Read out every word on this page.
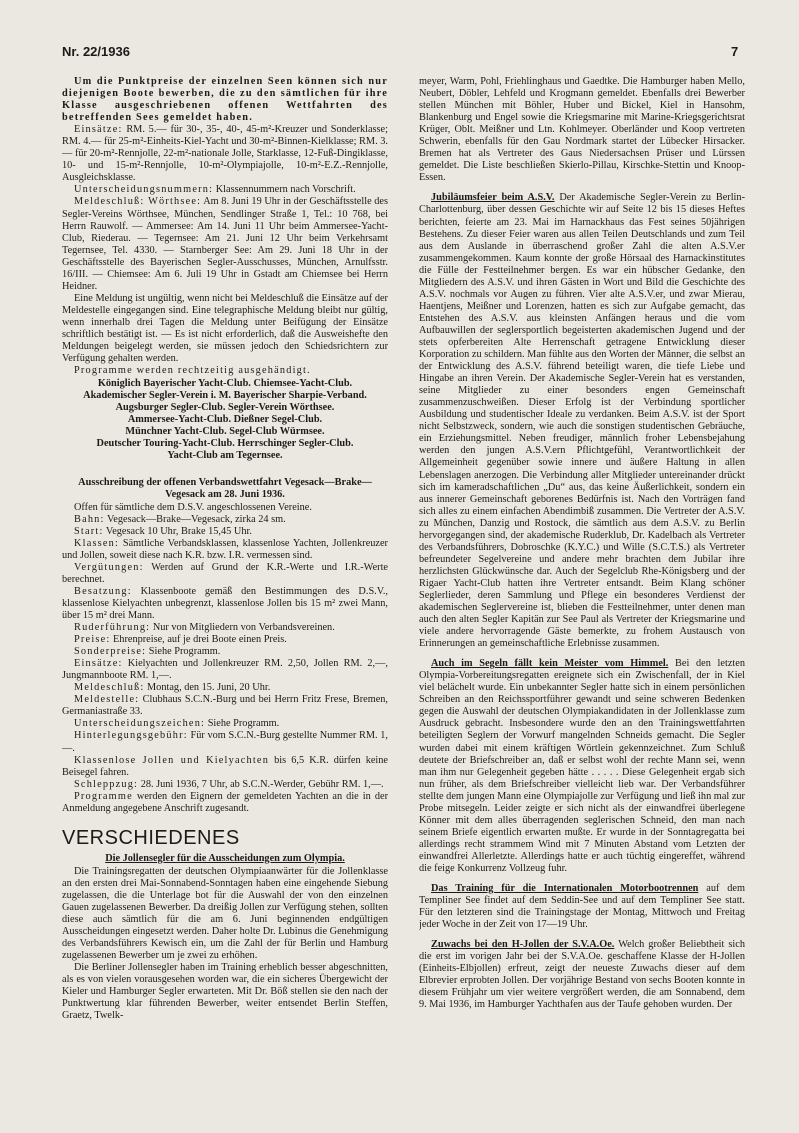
Nr. 22/1936	7

Um die Punktpreise der einzelnen Seen können sich nur diejenigen Boote bewerben, die zu den sämtlichen für ihre Klasse ausgeschriebenen offenen Wettfahrten des betreffenden Sees gemeldet haben.

Einsätze: RM. 5.— für 30-, 35-, 40-, 45-m²-Kreuzer und Sonderklasse; RM. 4.— für 25-m²-Einheits-Kiel-Yacht und 30-m²-Binnen-Kielklasse; RM. 3.— für 20-m²-Rennjolle, 22-m²-nationale Jolle, Starklasse, 12-Fuß-Dingiklasse, 10- und 15-m²-Rennjolle, 10-m²-Olympiajolle, 10-m²-E.Z.-Rennjolle, Ausgleichsklasse.

Unterscheidungsnummern: Klassennummern nach Vorschrift.

Meldeschluß: Wörthsee: Am 8. Juni 19 Uhr in der Geschäftsstelle des Segler-Vereins Wörthsee, München, Sendlinger Straße 1, Tel.: 10 768, bei Herrn Rauwolf. — Ammersee: Am 14. Juni 11 Uhr beim Ammersee-Yacht-Club, Riederau. — Tegernsee: Am 21. Juni 12 Uhr beim Verkehrsamt Tegernsee, Tel. 4330. — Starnberger See: Am 29. Juni 18 Uhr in der Geschäftsstelle des Bayerischen Segler-Ausschusses, München, Arnulfsstr. 16/III. — Chiemsee: Am 6. Juli 19 Uhr in Gstadt am Chiemsee bei Herrn Heidner.

Eine Meldung ist ungültig, wenn nicht bei Meldeschluß die Einsätze auf der Meldestelle eingegangen sind. Eine telegraphische Meldung bleibt nur gültig, wenn innerhalb drei Tagen die Meldung unter Beifügung der Einsätze schriftlich bestätigt ist. — Es ist nicht erforderlich, daß die Ausweishefte den Meldungen beigelegt werden, sie müssen jedoch den Schiedsrichtern zur Verfügung gehalten werden.

Programme werden rechtzeitig ausgehändigt.

Königlich Bayerischer Yacht-Club. Chiemsee-Yacht-Club.
Akademischer Segler-Verein i. M. Bayerischer Sharpie-Verband.
Augsburger Segler-Club. Segler-Verein Wörthsee.
Ammersee-Yacht-Club. Dießner Segel-Club.
Münchner Yacht-Club. Segel-Club Würmsee.
Deutscher Touring-Yacht-Club. Herrschinger Segler-Club.
Yacht-Club am Tegernsee.

Ausschreibung der offenen Verbandswettfahrt Vegesack—Brake—Vegesack am 28. Juni 1936.

Offen für sämtliche dem D.S.V. angeschlossenen Vereine.

Bahn: Vegesack—Brake—Vegesack, zirka 24 sm.

Start: Vegesack 10 Uhr, Brake 15,45 Uhr.

Klassen: Sämtliche Verbandsklassen, klassenlose Yachten, Jollenkreuzer und Jollen, soweit diese nach K.R. bzw. I.R. vermessen sind.

Vergütungen: Werden auf Grund der K.R.-Werte und I.R.-Werte berechnet.

Besatzung: Klassenboote gemäß den Bestimmungen des D.S.V., klassenlose Kielyachten unbegrenzt, klassenlose Jollen bis 15 m² zwei Mann, über 15 m² drei Mann.

Ruderführung: Nur von Mitgliedern von Verbandsvereinen.

Preise: Ehrenpreise, auf je drei Boote einen Preis.

Sonderpreise: Siehe Programm.

Einsätze: Kielyachten und Jollenkreuzer RM. 2,50, Jollen RM. 2,—, Jungmannboote RM. 1,—.

Meldeschluß: Montag, den 15. Juni, 20 Uhr.

Meldestelle: Clubhaus S.C.N.-Burg und bei Herrn Fritz Frese, Bremen, Germaniastraße 33.

Unterscheidungszeichen: Siehe Programm.

Hinterlegungsgebühr: Für vom S.C.N.-Burg gestellte Nummer RM. 1,—.

Klassenlose Jollen und Kielyachten bis 6,5 K.R. dürfen keine Beisegel fahren.

Schleppzug: 28. Juni 1936, 7 Uhr, ab S.C.N.-Werder, Gebühr RM. 1,—.

Programme werden den Eignern der gemeldeten Yachten an die in der Anmeldung angegebene Anschrift zugesandt.

VERSCHIEDENES

Die Jollensegler für die Ausscheidungen zum Olympia.

Die Trainingsregatten der deutschen Olympiaanwärter für die Jollenklasse an den ersten drei Mai-Sonnabend-Sonntagen haben eine eingehende Siebung zugelassen, die die Unterlage bot für die Auswahl der von den einzelnen Gauen zugelassenen Bewerber. Da dreißig Jollen zur Verfügung stehen, sollten diese auch sämtlich für die am 6. Juni beginnenden endgültigen Ausscheidungen eingesetzt werden. Daher holte Dr. Lubinus die Genehmigung des Verbandsführers Kewisch ein, um die Zahl der für Berlin und Hamburg zugelassenen Bewerber um je zwei zu erhöhen.

Die Berliner Jollensegler haben im Training erheblich besser abgeschnitten, als es von vielen vorausgesehen worden war, die ein sicheres Übergewicht der Kieler und Hamburger Segler erwarteten. Mit Dr. Böß stellen sie den nach der Punktwertung klar führenden Bewerber, weiter entsendet Berlin Steffen, Graetz, Twelk-

meyer, Warm, Pohl, Friehlinghaus und Gaedtke. Die Hamburger haben Mello, Neubert, Döbler, Lehfeld und Krogmann gemeldet. Ebenfalls drei Bewerber stellen München mit Böhler, Huber und Bickel, Kiel in Hansohm, Blankenburg und Engel sowie die Kriegsmarine mit Marine-Kriegsgerichtsrat Krüger, Oblt. Meißner und Ltn. Kohlmeyer. Oberländer und Koop vertreten Schwerin, ebenfalls für den Gau Nordmark startet der Lübecker Hirsacker. Bremen hat als Vertreter des Gaus Niedersachsen Prüser und Lürssen gemeldet. Die Liste beschließen Skierlo-Pillau, Kirschke-Stettin und Knoop-Essen.

Jubiläumsfeier beim A.S.V. Der Akademische Segler-Verein zu Berlin-Charlottenburg, über dessen Geschichte wir auf Seite 12 bis 15 dieses Heftes berichten, feierte am 23. Mai im Harnackhaus das Fest seines 50jährigen Bestehens. Zu dieser Feier waren aus allen Teilen Deutschlands und zum Teil aus dem Auslande in überraschend großer Zahl die alten A.S.V.er zusammengekommen. Kaum konnte der große Hörsaal des Harnackinstitutes die Fülle der Festteilnehmer bergen. Es war ein hübscher Gedanke, den Mitgliedern des A.S.V. und ihren Gästen in Wort und Bild die Geschichte des A.S.V. nochmals vor Augen zu führen. Vier alte A.S.V.er, und zwar Mierau, Haentjens, Meißner und Lorenzen, hatten es sich zur Aufgabe gemacht, das Entstehen des A.S.V. aus kleinsten Anfängen heraus und die vom Aufbauwillen der seglersportlich begeisterten akademischen Jugend und der stets opferbereiten Alte Herrenschaft getragene Entwicklung dieser Korporation zu schildern. Man fühlte aus den Worten der Männer, die selbst an der Entwicklung des A.S.V. führend beteiligt waren, die tiefe Liebe und Hingabe an ihren Verein. Der Akademische Segler-Verein hat es verstanden, seine Mitglieder zu einer besonders engen Gemeinschaft zusammenzuschweißen. Dieser Erfolg ist der Verbindung sportlicher Ausbildung und studentischer Ideale zu verdanken. Beim A.S.V. ist der Sport nicht Selbstzweck, sondern, wie auch die sonstigen studentischen Gebräuche, ein Erziehungsmittel. Neben freudiger, männlich froher Lebensbejahung werden den jungen A.S.V.ern Pflichtgefühl, Verantwortlichkeit der Allgemeinheit gegenüber sowie innere und äußere Haltung in allen Lebenslagen anerzogen. Die Verbindung aller Mitglieder untereinander drückt sich im kameradschaftlichen „Du“ aus, das keine Äußerlichkeit, sondern ein aus innerer Gemeinschaft geborenes Bedürfnis ist. Nach den Vorträgen fand sich alles zu einem einfachen Abendimbiß zusammen. Die Vertreter der A.S.V. zu München, Danzig und Rostock, die sämtlich aus dem A.S.V. zu Berlin hervorgegangen sind, der akademische Ruderklub, Dr. Kadelbach als Vertreter des Verbandsführers, Dobroschke (K.Y.C.) und Wille (S.C.T.S.) als Vertreter befreundeter Segelvereine und andere mehr brachten dem Jubilar ihre herzlichsten Glückwünsche dar. Auch der Segelclub Rhe-Königsberg und der Rigaer Yacht-Club hatten ihre Vertreter entsandt. Beim Klang schöner Seglerlieder, deren Sammlung und Pflege ein besonderes Verdienst der akademischen Seglervereine ist, blieben die Festteilnehmer, unter denen man auch den alten Segler Kapitän zur See Paul als Vertreter der Kriegsmarine und viele andere hervorragende Gäste bemerkte, zu frohem Austausch von Erinnerungen an gemeinschaftliche Erlebnisse zusammen.

Auch im Segeln fällt kein Meister vom Himmel. Bei den letzten Olympia-Vorbereitungsregatten ereignete sich ein Zwischenfall, der in Kiel viel belächelt wurde. Ein unbekannter Segler hatte sich in einem persönlichen Schreiben an den Reichssportführer gewandt und seine schweren Bedenken gegen die Auswahl der deutschen Olympiakandidaten in der Jollenklasse zum Ausdruck gebracht. Insbesondere wurde den an den Trainingswettfahrten beteiligten Seglern der Vorwurf mangelnden Schneids gemacht. Die Segler wurden dabei mit einem kräftigen Wörtlein gekennzeichnet. Zum Schluß deutete der Briefschreiber an, daß er selbst wohl der rechte Mann sei, wenn man ihm nur Gelegenheit gegeben hätte . . . . . Diese Gelegenheit ergab sich nun früher, als dem Briefschreiber vielleicht lieb war. Der Verbandsführer stellte dem jungen Mann eine Olympiajolle zur Verfügung und ließ ihn mal zur Probe mitsegeln. Leider zeigte er sich nicht als der einwandfrei überlegene Könner mit dem alles überragenden seglerischen Schneid, den man nach seinem Briefe eigentlich erwarten mußte. Er wurde in der Sonntagregatta bei allerdings recht strammem Wind mit 7 Minuten Abstand vom Letzten der einwandfrei Allerletzte. Allerdings hatte er auch tüchtig eingereffet, während die feige Konkurrenz Vollzeug fuhr.

Das Training für die Internationalen Motorbootrennen auf dem Templiner See findet auf dem Seddin-See und auf dem Templiner See statt. Für den letzteren sind die Trainingstage der Montag, Mittwoch und Freitag jeder Woche in der Zeit von 17—19 Uhr.

Zuwachs bei den H-Jollen der S.V.A.Oe. Welch großer Beliebtheit sich die erst im vorigen Jahr bei der S.V.A.Oe. geschaffene Klasse der H-Jollen (Einheits-Elbjollen) erfreut, zeigt der neueste Zuwachs dieser auf dem Elbrevier erprobten Jollen. Der vorjährige Bestand von sechs Booten konnte in diesem Frühjahr um vier weitere vergrößert werden, die am Sonnabend, dem 9. Mai 1936, im Hamburger Yachthafen aus der Taufe gehoben wurden. Der
